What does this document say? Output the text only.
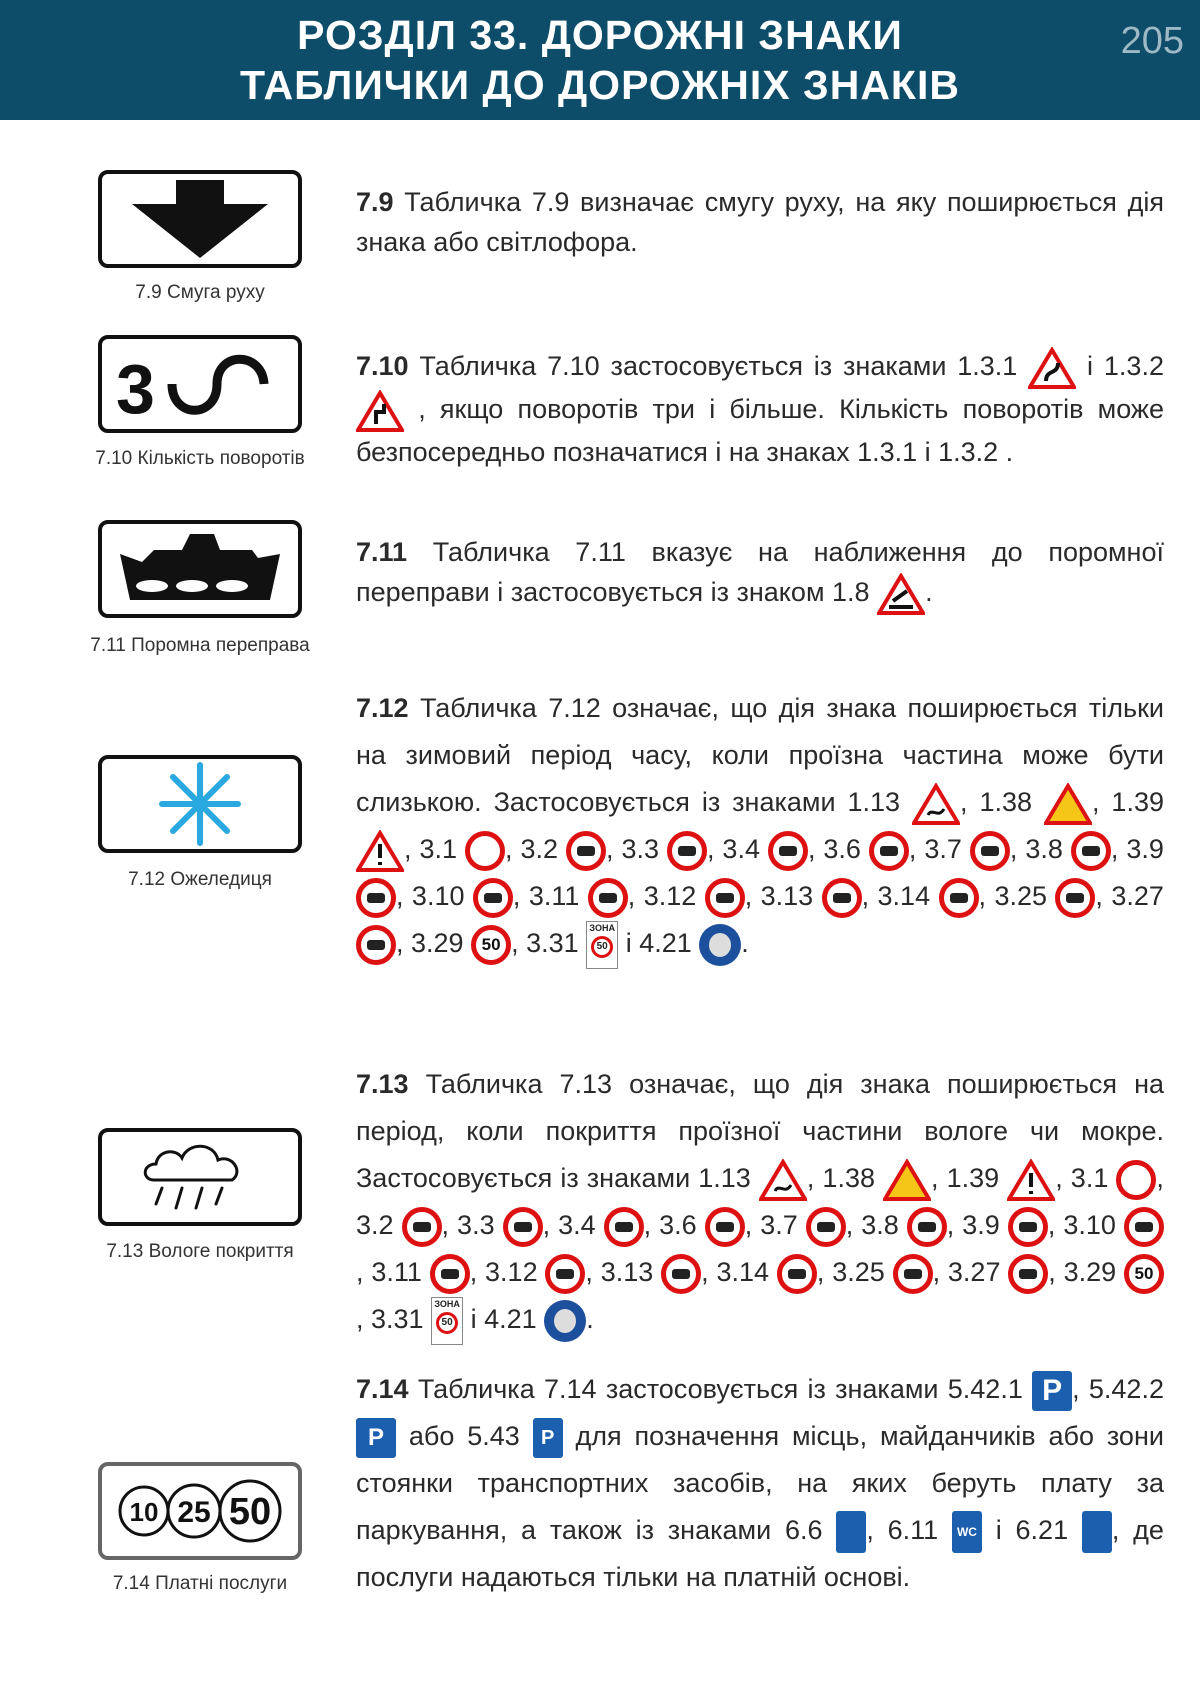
РОЗДІЛ 33. ДОРОЖНІ ЗНАКИ
ТАБЛИЧКИ ДО ДОРОЖНІХ ЗНАКІВ
205
7.9 Смуга руху
3
7.10 Кількість поворотів
7.11 Поромна переправа
7.12 Ожеледиця
7.13 Вологе покриття
10 25 50
7.14 Платні послуги
7.9 Табличка 7.9 визначає смугу руху, на яку поширюється дія знака або світлофора.
7.10 Табличка 7.10 застосовується із знаками 1.3.1	і 1.3.2  , якщо поворотів три і більше. Кількість поворотів може безпосередньо позначатися і на знаках 1.3.1 і 1.3.2 .
7.11 Табличка 7.11 вказує на наближення до поромної переправи і застосовується із знаком 1.8 .
7.12 Табличка 7.12 означає, що дія знака поширюється тільки на зимовий період часу, коли проїзна частина може бути слизькою. Застосовується із знаками 1.13 , 1.38 , 1.39 , 3.1 , 3.2 , 3.3 , 3.4 , 3.6 , 3.7 , 3.8 , 3.9
, 3.10 , 3.11 , 3.12 , 3.13 , 3.14 , 3.25 , 3.27
, 3.29 50 , 3.31 ЗОНА
50 і 4.21 .
7.13 Табличка 7.13 означає, що дія знака поширюється на період, коли покриття проїзної частини вологе чи мокре. Застосовується із знаками 1.13 , 1.38 , 1.39 , 3.1 , 3.2 , 3.3 , 3.4 , 3.6 , 3.7 , 3.8 , 3.9 , 3.10
, 3.11 , 3.12 , 3.13 , 3.14 , 3.25 , 3.27 , 3.29 50, 3.31 ЗОНА
50 і 4.21 .
7.14 Табличка 7.14 застосовується із знаками 5.42.1 P , 5.42.2 P або 5.43 P для позначення місць, майданчиків або зони стоянки транспортних засобів, на яких беруть плату за паркування, а також із знаками 6.6 , 6.11 WC і 6.21 , де послуги надаються тільки на платній основі.
